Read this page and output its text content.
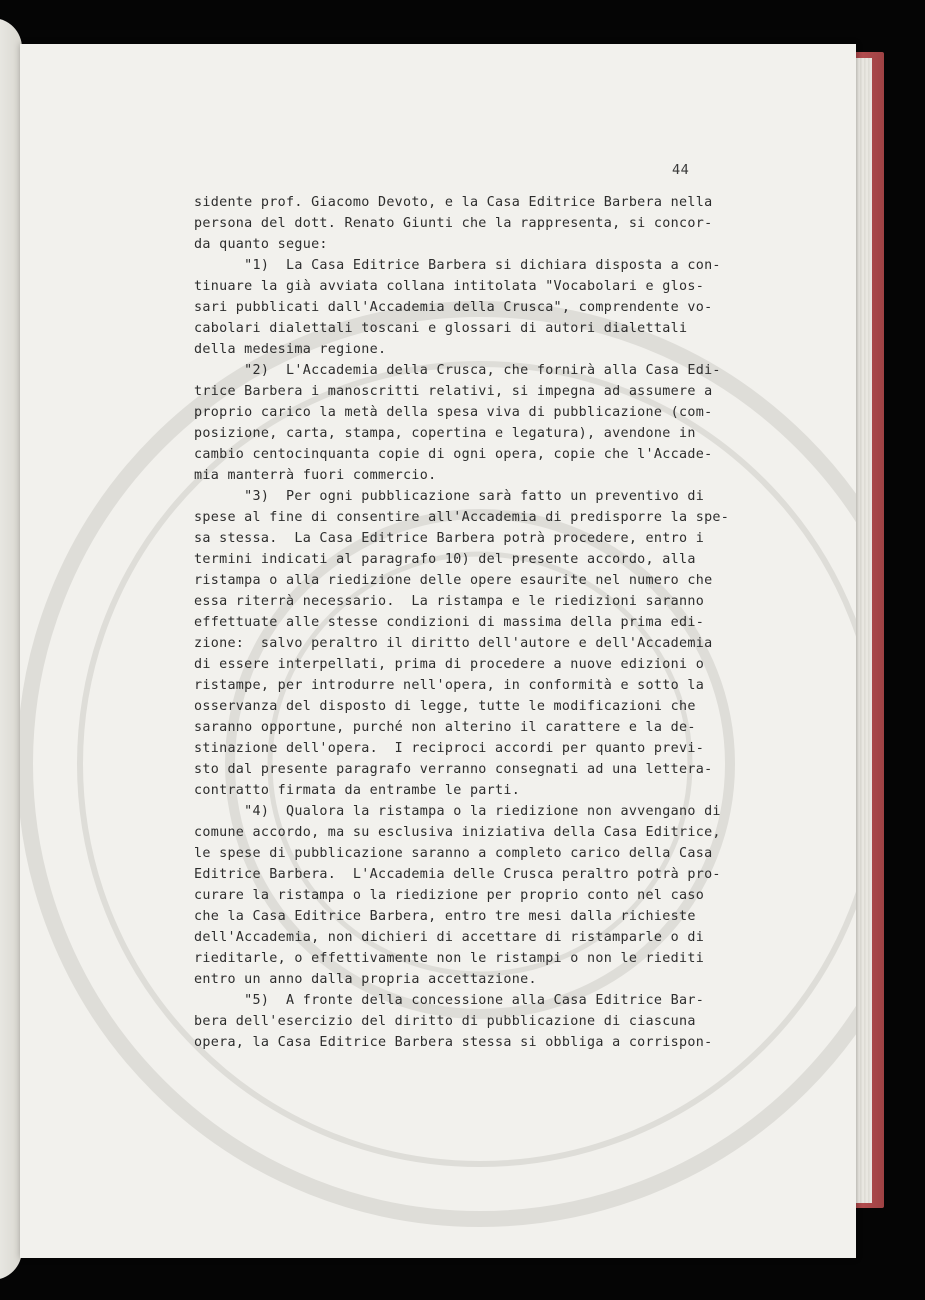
44
sidente prof. Giacomo Devoto, e la Casa Editrice Barbera nella
persona del dott. Renato Giunti che la rappresenta, si concor-
da quanto segue:
"1)  La Casa Editrice Barbera si dichiara disposta a con-
tinuare la già avviata collana intitolata "Vocabolari e glos-
sari pubblicati dall'Accademia della Crusca", comprendente vo-
cabolari dialettali toscani e glossari di autori dialettali
della medesima regione.
"2)  L'Accademia della Crusca, che fornirà alla Casa Edi-
trice Barbera i manoscritti relativi, si impegna ad assumere a
proprio carico la metà della spesa viva di pubblicazione (com-
posizione, carta, stampa, copertina e legatura), avendone in
cambio centocinquanta copie di ogni opera, copie che l'Accade-
mia manterrà fuori commercio.
"3)  Per ogni pubblicazione sarà fatto un preventivo di
spese al fine di consentire all'Accademia di predisporre la spe-
sa stessa.  La Casa Editrice Barbera potrà procedere, entro i
termini indicati al paragrafo 10) del presente accordo, alla
ristampa o alla riedizione delle opere esaurite nel numero che
essa riterrà necessario.  La ristampa e le riedizioni saranno
effettuate alle stesse condizioni di massima della prima edi-
zione:  salvo peraltro il diritto dell'autore e dell'Accademia
di essere interpellati, prima di procedere a nuove edizioni o
ristampe, per introdurre nell'opera, in conformità e sotto la
osservanza del disposto di legge, tutte le modificazioni che
saranno opportune, purché non alterino il carattere e la de-
stinazione dell'opera.  I reciproci accordi per quanto previ-
sto dal presente paragrafo verranno consegnati ad una lettera-
contratto firmata da entrambe le parti.
"4)  Qualora la ristampa o la riedizione non avvengano di
comune accordo, ma su esclusiva iniziativa della Casa Editrice,
le spese di pubblicazione saranno a completo carico della Casa
Editrice Barbera.  L'Accademia delle Crusca peraltro potrà pro-
curare la ristampa o la riedizione per proprio conto nel caso
che la Casa Editrice Barbera, entro tre mesi dalla richieste
dell'Accademia, non dichieri di accettare di ristamparle o di
rieditarle, o effettivamente non le ristampi o non le riediti
entro un anno dalla propria accettazione.
"5)  A fronte della concessione alla Casa Editrice Bar-
bera dell'esercizio del diritto di pubblicazione di ciascuna
opera, la Casa Editrice Barbera stessa si obbliga a corrispon-
